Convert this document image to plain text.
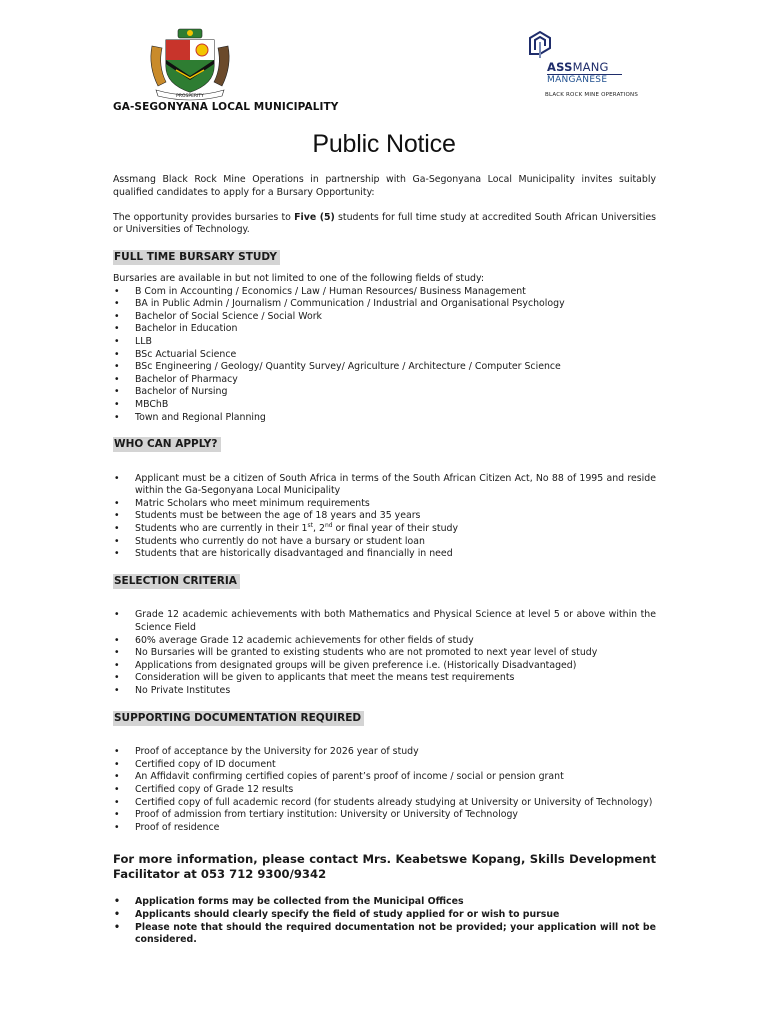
PROSPERITY
GA-SEGONYANA LOCAL MUNICIPALITY
ASSMANG
MANGANESE
BLACK ROCK MINE OPERATIONS
Public Notice

Assmang Black Rock Mine Operations in partnership with Ga-Segonyana Local Municipality invites suitably qualified candidates to apply for a Bursary Opportunity:

The opportunity provides bursaries to Five (5) students for full time study at accredited South African Universities or Universities of Technology.

FULL TIME BURSARY STUDY

Bursaries are available in but not limited to one of the following fields of study:

• B Com in Accounting / Economics / Law / Human Resources/ Business Management
• BA in Public Admin / Journalism / Communication / Industrial and Organisational Psychology
• Bachelor of Social Science / Social Work
• Bachelor in Education
• LLB
• BSc Actuarial Science
• BSc Engineering / Geology/ Quantity Survey/ Agriculture / Architecture / Computer Science
• Bachelor of Pharmacy
• Bachelor of Nursing
• MBChB
• Town and Regional Planning
WHO CAN APPLY?
• Applicant must be a citizen of South Africa in terms of the South African Citizen Act, No 88 of 1995 and reside within the Ga-Segonyana Local Municipality
• Matric Scholars who meet minimum requirements
• Students must be between the age of 18 years and 35 years
• Students who are currently in their 1st, 2nd or final year of their study
• Students who currently do not have a bursary or student loan
• Students that are historically disadvantaged and financially in need
SELECTION CRITERIA
• Grade 12 academic achievements with both Mathematics and Physical Science at level 5 or above within the Science Field
• 60% average Grade 12 academic achievements for other fields of study
• No Bursaries will be granted to existing students who are not promoted to next year level of study
• Applications from designated groups will be given preference i.e. (Historically Disadvantaged)
• Consideration will be given to applicants that meet the means test requirements
• No Private Institutes
SUPPORTING DOCUMENTATION REQUIRED
• Proof of acceptance by the University for 2026 year of study
• Certified copy of ID document
• An Affidavit confirming certified copies of parent’s proof of income / social or pension grant
• Certified copy of Grade 12 results
• Certified copy of full academic record (for students already studying at University or University of Technology)
• Proof of admission from tertiary institution: University or University of Technology
• Proof of residence
For more information, please contact Mrs. Keabetswe Kopang, Skills Development Facilitator at 053 712 9300/9342
• Application forms may be collected from the Municipal Offices
• Applicants should clearly specify the field of study applied for or wish to pursue
• Please note that should the required documentation not be provided; your application will not be considered.
